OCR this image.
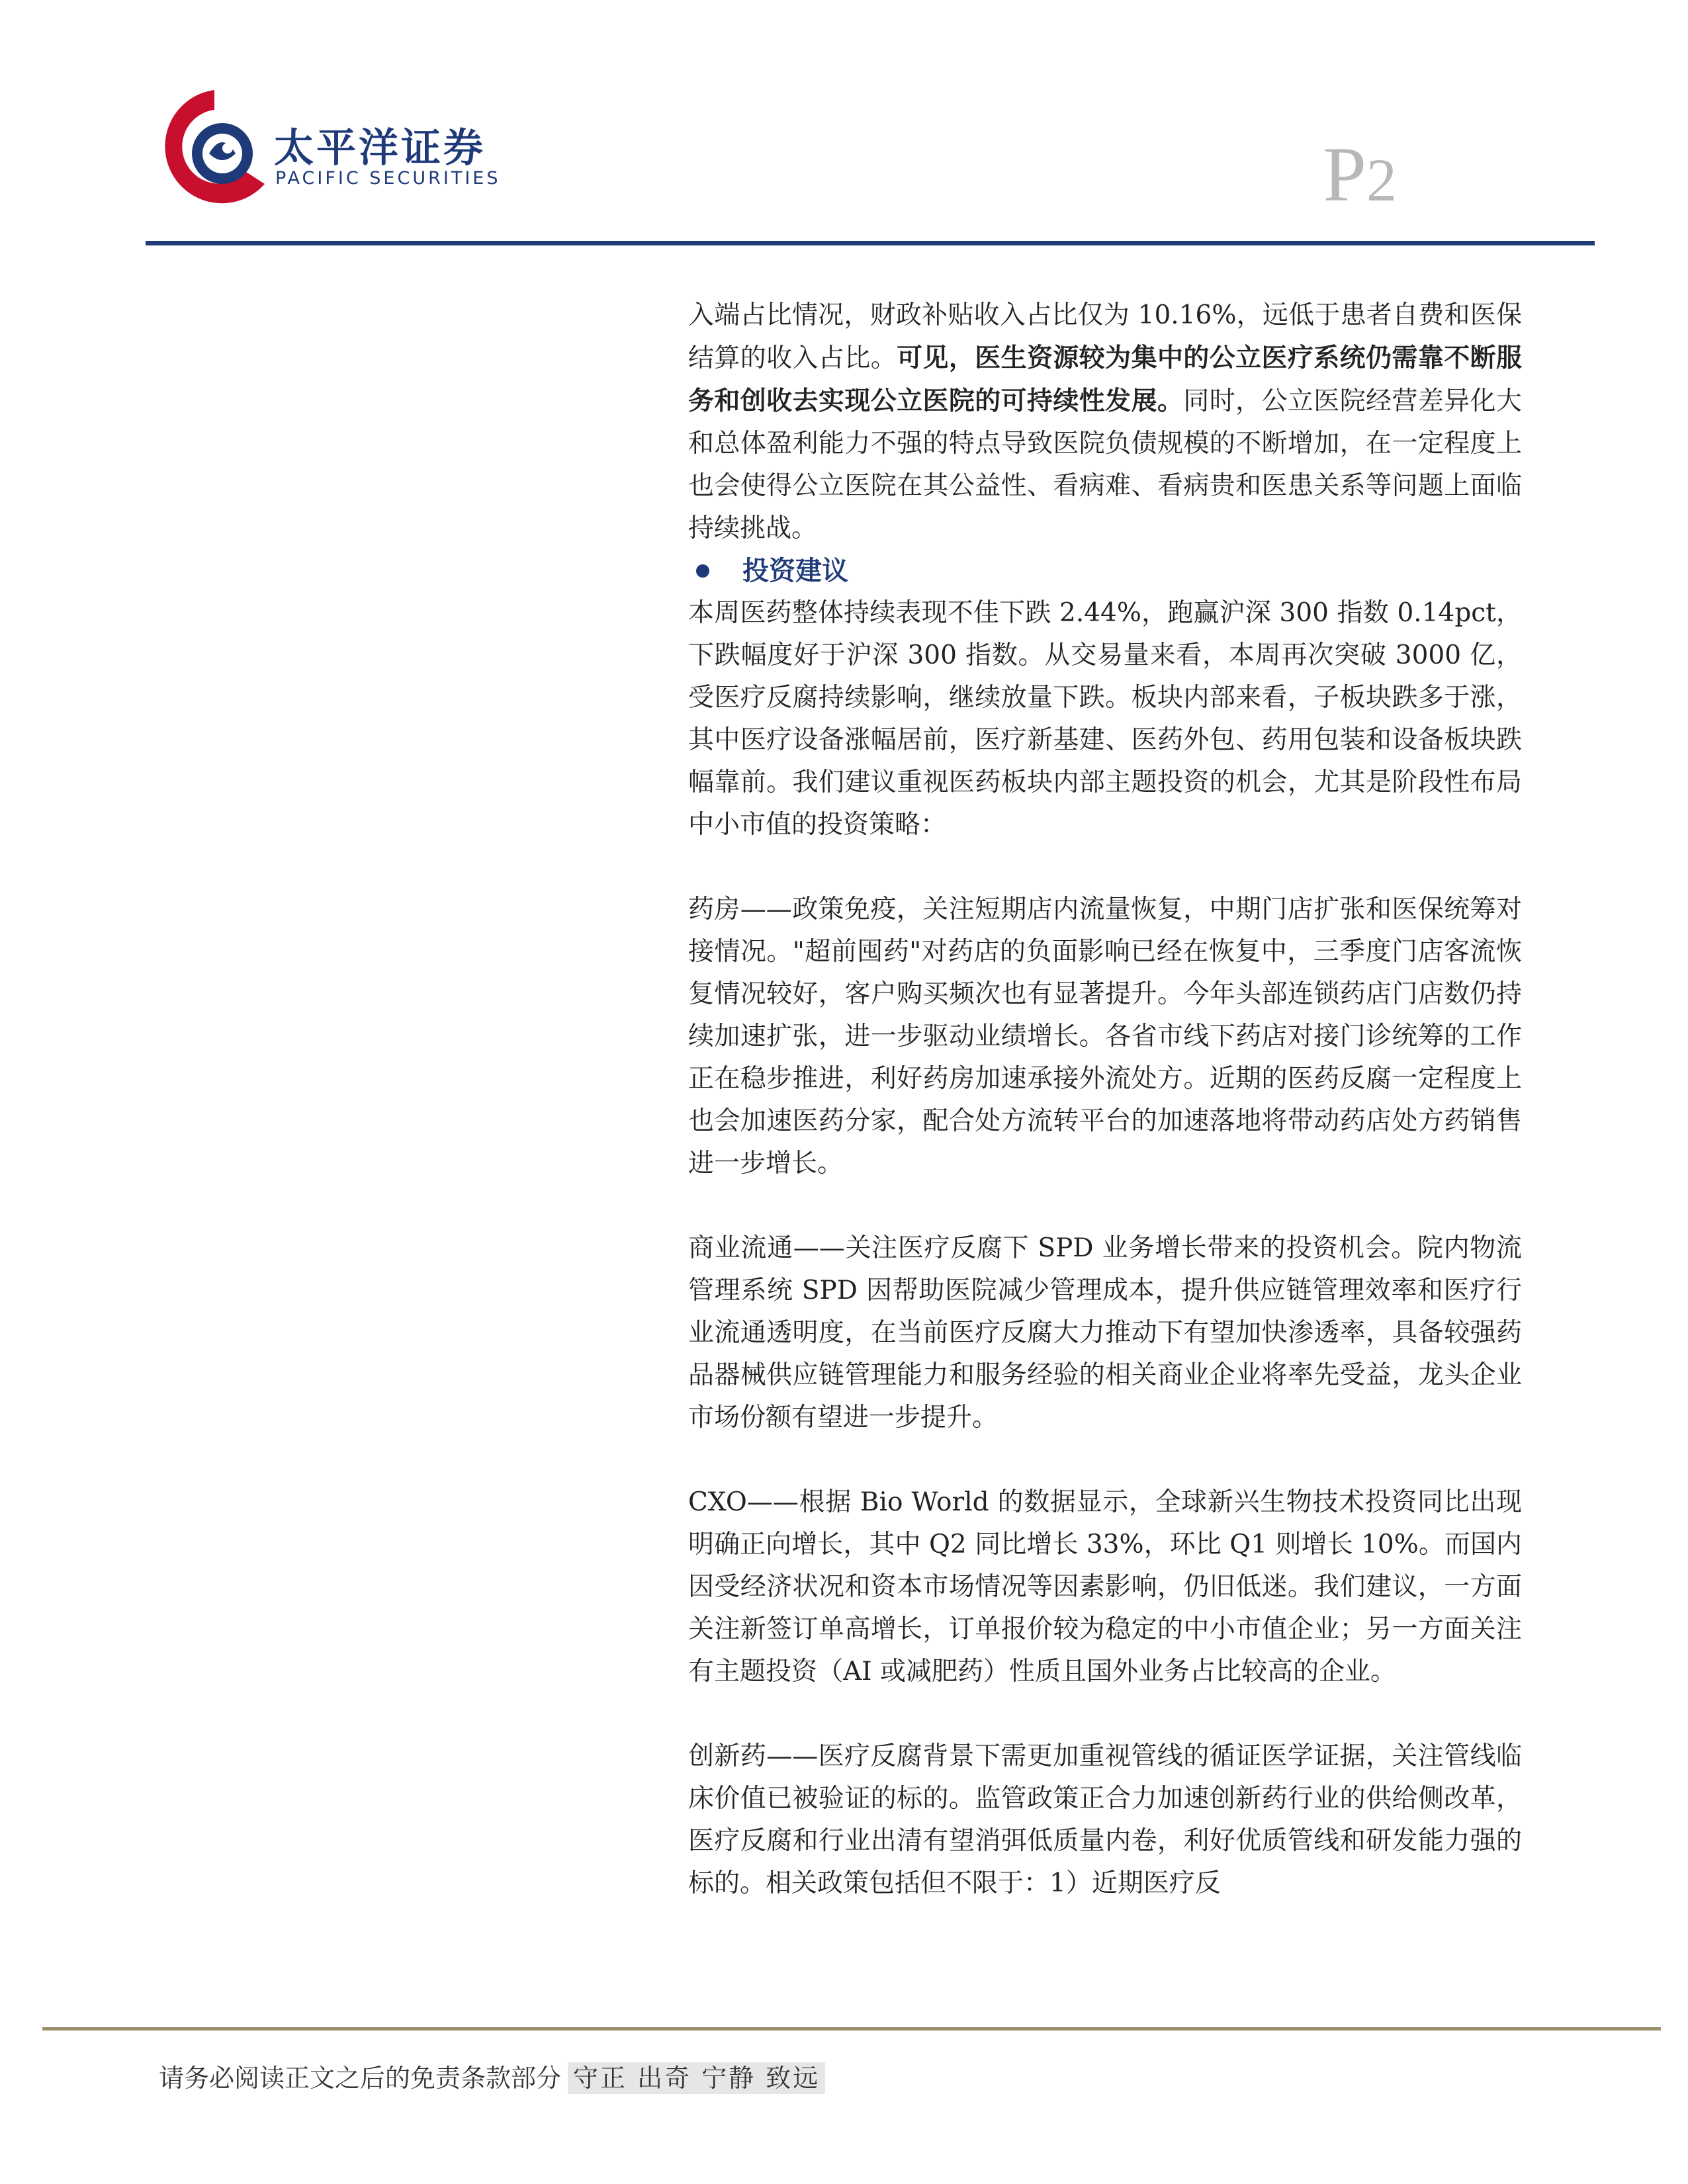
太平洋证券
PACIFIC SECURITIES	P2

入端占比情况，财政补贴收入占比仅为 10.16%，远低于患者自费和医保结算的收入占比。可见，医生资源较为集中的公立医疗系统仍需靠不断服务和创收去实现公立医院的可持续性发展。同时，公立医院经营差异化大和总体盈利能力不强的特点导致医院负债规模的不断增加，在一定程度上也会使得公立医院在其公益性、看病难、看病贵和医患关系等问题上面临持续挑战。

投资建议

本周医药整体持续表现不佳下跌 2.44%，跑赢沪深 300 指数 0.14pct，下跌幅度好于沪深 300 指数。从交易量来看，本周再次突破 3000 亿，受医疗反腐持续影响，继续放量下跌。板块内部来看，子板块跌多于涨，其中医疗设备涨幅居前，医疗新基建、医药外包、药用包装和设备板块跌幅靠前。我们建议重视医药板块内部主题投资的机会，尤其是阶段性布局中小市值的投资策略：

药房——政策免疫，关注短期店内流量恢复，中期门店扩张和医保统筹对接情况。"超前囤药"对药店的负面影响已经在恢复中，三季度门店客流恢复情况较好，客户购买频次也有显著提升。今年头部连锁药店门店数仍持续加速扩张，进一步驱动业绩增长。各省市线下药店对接门诊统筹的工作正在稳步推进，利好药房加速承接外流处方。近期的医药反腐一定程度上也会加速医药分家，配合处方流转平台的加速落地将带动药店处方药销售进一步增长。

商业流通——关注医疗反腐下 SPD 业务增长带来的投资机会。院内物流管理系统 SPD 因帮助医院减少管理成本，提升供应链管理效率和医疗行业流通透明度，在当前医疗反腐大力推动下有望加快渗透率，具备较强药品器械供应链管理能力和服务经验的相关商业企业将率先受益，龙头企业市场份额有望进一步提升。

CXO——根据 Bio World 的数据显示，全球新兴生物技术投资同比出现明确正向增长，其中 Q2 同比增长 33%，环比 Q1 则增长 10%。而国内因受经济状况和资本市场情况等因素影响，仍旧低迷。我们建议，一方面关注新签订单高增长，订单报价较为稳定的中小市值企业；另一方面关注有主题投资（AI 或减肥药）性质且国外业务占比较高的企业。

创新药——医疗反腐背景下需更加重视管线的循证医学证据，关注管线临床价值已被验证的标的。监管政策正合力加速创新药行业的供给侧改革，医疗反腐和行业出清有望消弭低质量内卷，利好优质管线和研发能力强的标的。相关政策包括但不限于：1）近期医疗反

请务必阅读正文之后的免责条款部分 守正 出奇 宁静 致远
